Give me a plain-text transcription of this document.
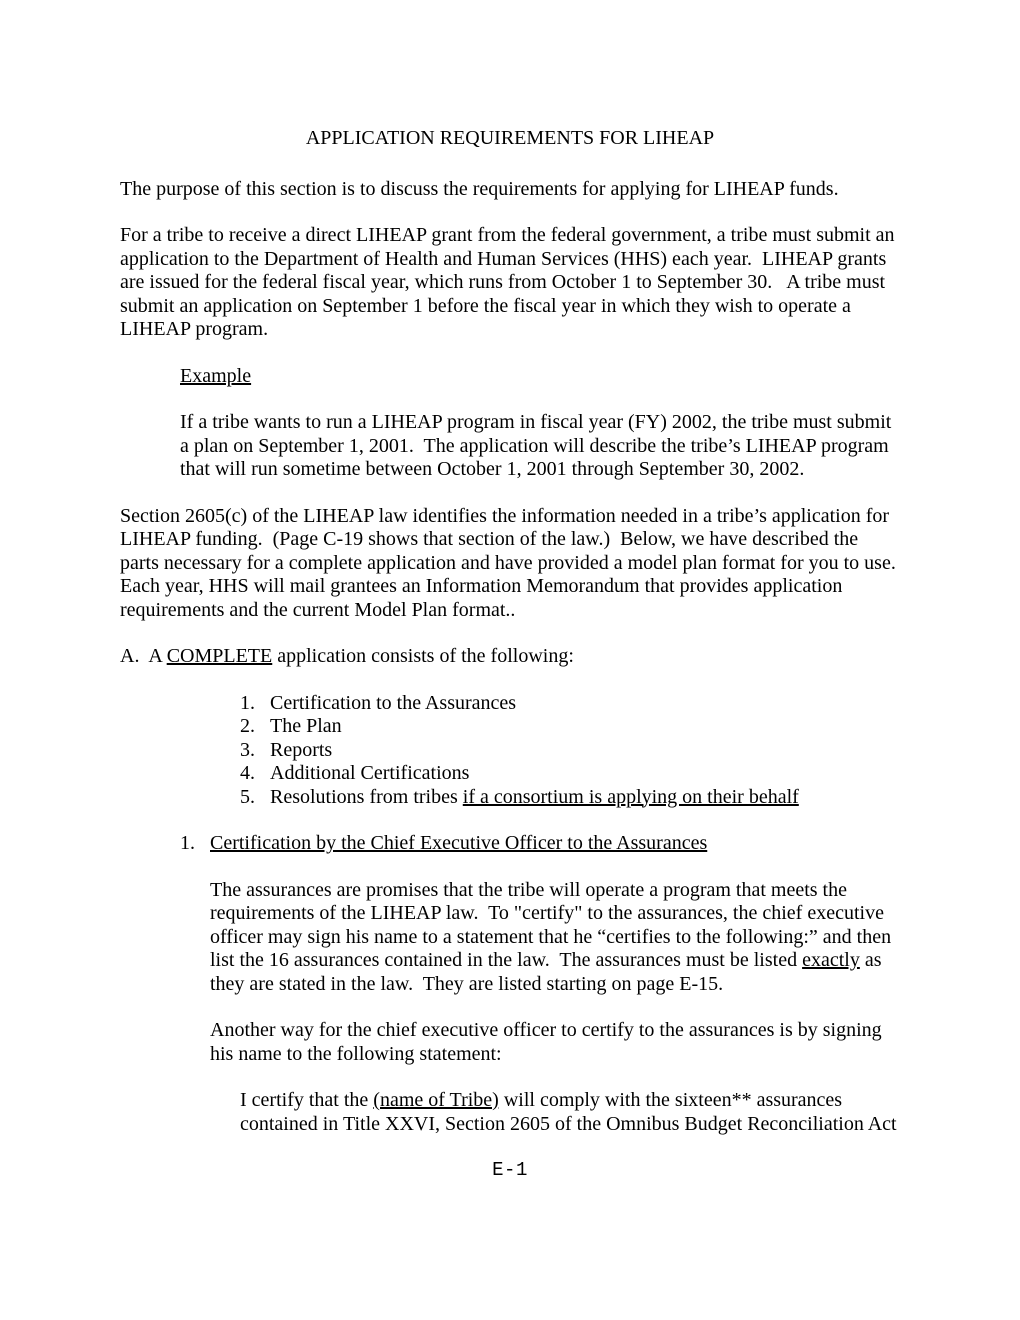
APPLICATION REQUIREMENTS FOR LIHEAP

The purpose of this section is to discuss the requirements for applying for LIHEAP funds.

For a tribe to receive a direct LIHEAP grant from the federal government, a tribe must submit an application to the Department of Health and Human Services (HHS) each year.  LIHEAP grants are issued for the federal fiscal year, which runs from October 1 to September 30.   A tribe must submit an application on September 1 before the fiscal year in which they wish to operate a LIHEAP program.

Example

If a tribe wants to run a LIHEAP program in fiscal year (FY) 2002, the tribe must submit a plan on September 1, 2001.  The application will describe the tribe’s LIHEAP program that will run sometime between October 1, 2001 through September 30, 2002.

Section 2605(c) of the LIHEAP law identifies the information needed in a tribe’s application for LIHEAP funding.  (Page C-19 shows that section of the law.)  Below, we have described the parts necessary for a complete application and have provided a model plan format for you to use.  Each year, HHS will mail grantees an Information Memorandum that provides application requirements and the current Model Plan format..

A.  A COMPLETE application consists of the following:

1. Certification to the Assurances
2. The Plan
3. Reports
4. Additional Certifications
5. Resolutions from tribes if a consortium is applying on their behalf
1. Certification by the Chief Executive Officer to the Assurances

The assurances are promises that the tribe will operate a program that meets the requirements of the LIHEAP law.  To "certify" to the assurances, the chief executive officer may sign his name to a statement that he “certifies to the following:” and then list the 16 assurances contained in the law.  The assurances must be listed exactly as they are stated in the law.  They are listed starting on page E-15.

Another way for the chief executive officer to certify to the assurances is by signing his name to the following statement:

I certify that the (name of Tribe) will comply with the sixteen** assurances contained in Title XXVI, Section 2605 of the Omnibus Budget Reconciliation Act

E-1
